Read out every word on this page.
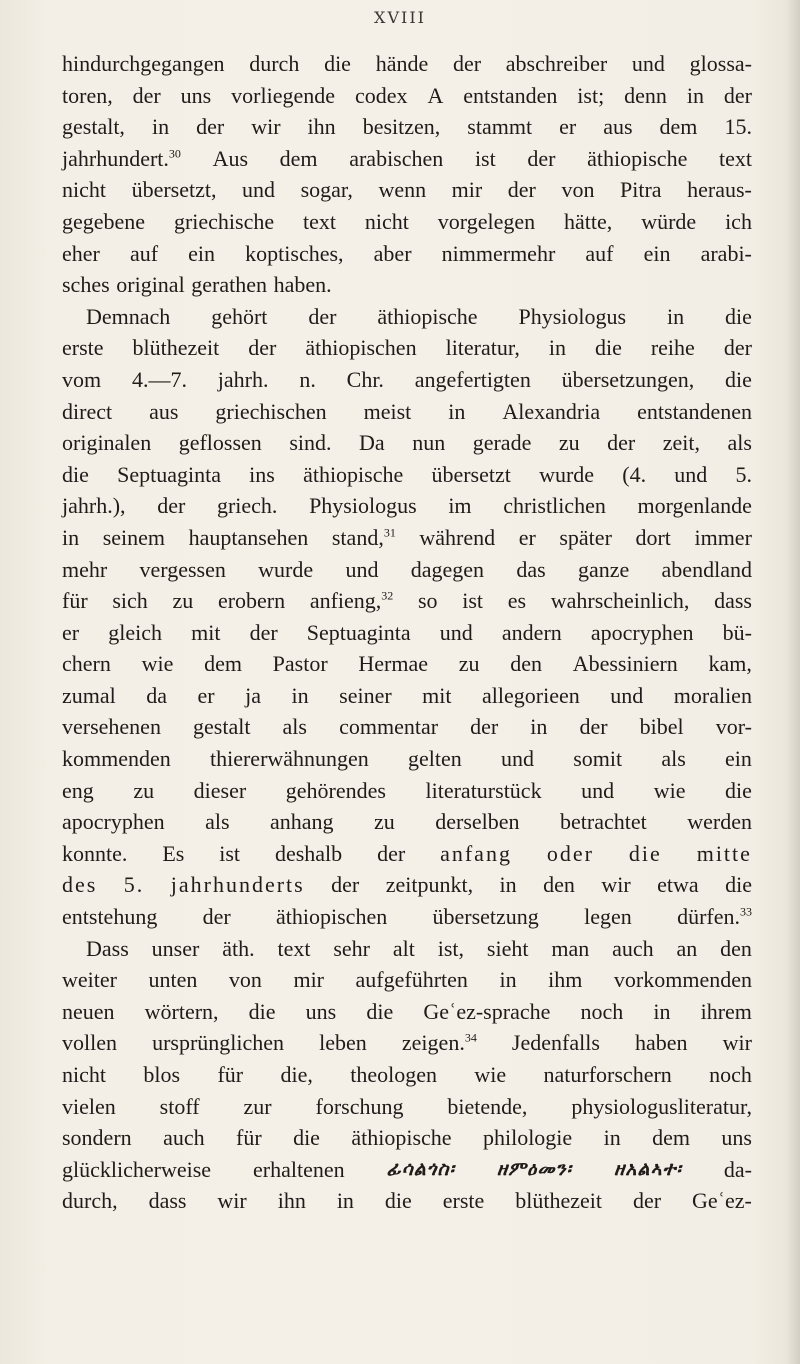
XVIII
hindurchgegangen durch die hände der abschreiber und glossa-
toren, der uns vorliegende codex A entstanden ist; denn in der
gestalt, in der wir ihn besitzen, stammt er aus dem 15.
jahrhundert.$^{30}$ Aus dem arabischen ist der äthiopische text
nicht übersetzt, und sogar, wenn mir der von Pitra heraus-
gegebene griechische text nicht vorgelegen hätte, würde ich
eher auf ein koptisches, aber nimmermehr auf ein arabi-
sches original gerathen haben.
Demnach gehört der äthiopische Physiologus in die
erste blüthezeit der äthiopischen literatur, in die reihe der
vom 4.—7. jahrh. n. Chr. angefertigten übersetzungen, die
direct aus griechischen meist in Alexandria entstandenen
originalen geflossen sind. Da nun gerade zu der zeit, als
die Septuaginta ins äthiopische übersetzt wurde (4. und 5.
jahrh.), der griech. Physiologus im christlichen morgenlande
in seinem hauptansehen stand,$^{31}$ während er später dort immer
mehr vergessen wurde und dagegen das ganze abendland
für sich zu erobern anfieng,$^{32}$ so ist es wahrscheinlich, dass
er gleich mit der Septuaginta und andern apocryphen bü-
chern wie dem Pastor Hermae zu den Abessiniern kam,
zumal da er ja in seiner mit allegorieen und moralien
versehenen gestalt als commentar der in der bibel vor-
kommenden thiererwähnungen gelten und somit als ein
eng zu dieser gehörendes literaturstück und wie die
apocryphen als anhang zu derselben betrachtet werden
konnte. Es ist deshalb der anfang oder die mitte
des 5. jahrhunderts der zeitpunkt, in den wir etwa die
entstehung der äthiopischen übersetzung legen dürfen.$^{33}$
Dass unser äth. text sehr alt ist, sieht man auch an den
weiter unten von mir aufgeführten in ihm vorkommenden
neuen wörtern, die uns die Geʿez-sprache noch in ihrem
vollen ursprünglichen leben zeigen.$^{34}$ Jedenfalls haben wir
nicht blos für die, theologen wie naturforschern noch
vielen stoff zur forschung bietende, physiologusliteratur,
sondern auch für die äthiopische philologie in dem uns
glücklicherweise erhaltenen ፊሳልጎስ፡ ዘምዕመን፡ ዘአልኣተ፡ da-
durch, dass wir ihn in die erste blüthezeit der Geʿez-
